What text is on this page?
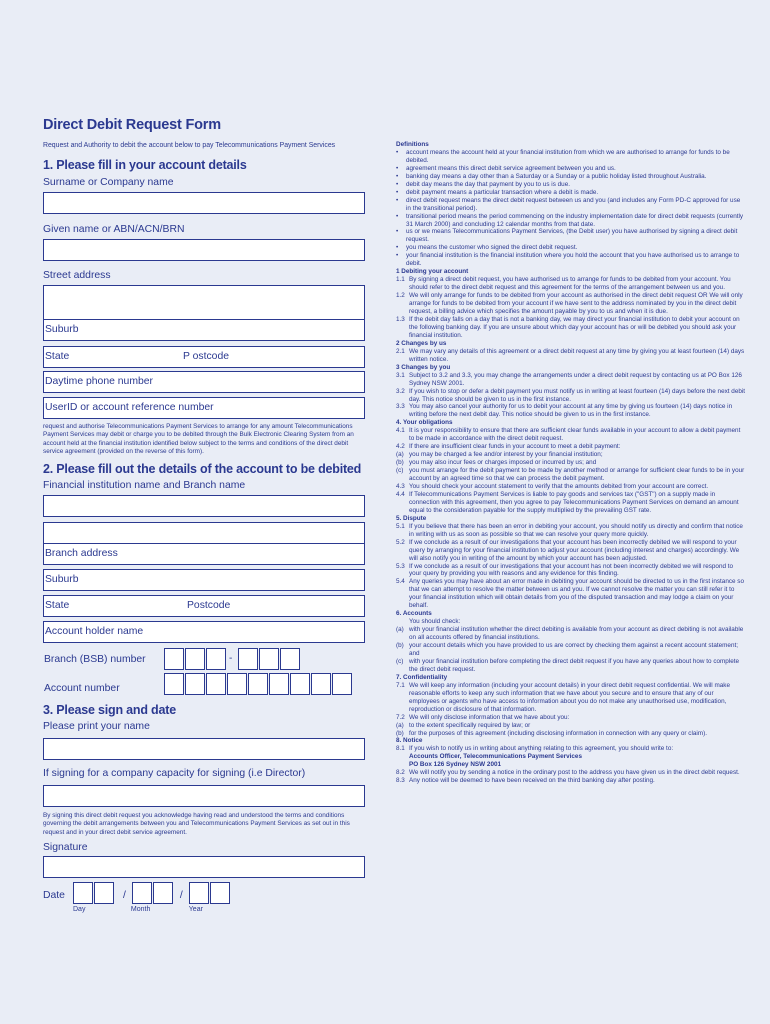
Direct Debit Request Form
Request and Authority to debit the account below to pay Telecommunications Payment Services
1. Please fill in your account details
Surname or Company name
Given name or ABN/ACN/BRN
Street address
Suburb
State	P ostcode
Daytime phone number
UserID or account reference number
request and authorise Telecommunications Payment Services to arrange for any amount Telecommunications Payment Services may debit or charge you to be debited through the Bulk Electronic Clearing System from an account held at the financial institution identified below subject to the terms and conditions of the direct debit service agreement (provided on the reverse of this form).
2. Please fill out the details of the account to be debited
Financial institution name and Branch name
Branch address
Suburb
State	Postcode
Account holder name
Branch (BSB) number	-
Account number
3. Please sign and date
Please print your name
If signing for a company capacity for signing (i.e Director)
By signing this direct debit request you acknowledge having read and understood the terms and conditions governing the debit arrangements between you and Telecommunications Payment Services as set out in this request and in your direct debit service agreement.
Signature
Date
Day
/
Month
/
Year
Definitions
•	account means the account held at your financial institution from which we are authorised to arrange for funds to be debited.
•	agreement means this direct debit service agreement between you and us.
•	banking day means a day other than a Saturday or a Sunday or a public holiday listed throughout Australia.
•	debit day means the day that payment by you to us is due.
•	debit payment means a particular transaction where a debit is made.
•	direct debit request means the direct debit request between us and you (and includes any Form PD-C approved for use in the transitional period).
•	transitional period means the period commencing on the industry implementation date for direct debit requests (currently 31 March 2000) and concluding 12 calendar months from that date.
•	us or we means Telecommunications Payment Services, (the Debit user) you have authorised by signing a direct debit request.
•	you means the customer who signed the direct debit request.
•	your financial institution is the financial institution where you hold the account that you have authorised us to arrange to debit.
1 Debiting your account
1.1 By signing a direct debit request, you have authorised us to arrange for funds to be debited from your account. You should refer to the direct debit request and this agreement for the terms of the arrangement between us and you.
1.2 We will only arrange for funds to be debited from your account as authorised in the direct debit request OR We will only arrange for funds to be debited from your account if we have sent to the address nominated by you in the direct debit request, a billing advice which specifies the amount payable by you to us and when it is due.
1.3 If the debit day falls on a day that is not a banking day, we may direct your financial institution to debit your account on the following banking day. If you are unsure about which day your account has or will be debited you should ask your financial institution.
2 Changes by us
2.1 We may vary any details of this agreement or a direct debit request at any time by giving you at least fourteen (14) days written notice.
3 Changes by you
3.1 Subject to 3.2 and 3.3, you may change the arrangements under a direct debit request by contacting us at PO Box 126 Sydney NSW 2001.
3.2 If you wish to stop or defer a debit payment you must notify us in writing at least fourteen (14) days before the next debit day. This notice should be given to us in the first instance.
3.3 You may also cancel your authority for us to debit your account at any time by giving us fourteen (14) days notice in writing before the next debit day. This notice should be given to us in the first instance.
4. Your obligations
4.1 It is your responsibility to ensure that there are sufficient clear funds available in your account to allow a debit payment to be made in accordance with the direct debit request.
4.2 If there are insufficient clear funds in your account to meet a debit payment:
(a) you may be charged a fee and/or interest by your financial institution;
(b) you may also incur fees or charges imposed or incurred by us; and
(c) you must arrange for the debit payment to be made by another method or arrange for sufficient clear funds to be in your account by an agreed time so that we can process the debit payment.
4.3 You should check your account statement to verify that the amounts debited from your account are correct.
4.4 If Telecommunications Payment Services is liable to pay goods and services tax ("GST") on a supply made in connection with this agreement, then you agree to pay Telecommunications Payment Services on demand an amount equal to the consideration payable for the supply multiplied by the prevailing GST rate.
5. Dispute
5.1 If you believe that there has been an error in debiting your account, you should notify us directly and confirm that notice in writing with us as soon as possible so that we can resolve your query more quickly.
5.2 If we conclude as a result of our investigations that your account has been incorrectly debited we will respond to your query by arranging for your financial institution to adjust your account (including interest and charges) accordingly. We will also notify you in writing of the amount by which your account has been adjusted.
5.3 If we conclude as a result of our investigations that your account has not been incorrectly debited we will respond to your query by providing you with reasons and any evidence for this finding.
5.4 Any queries you may have about an error made in debiting your account should be directed to us in the first instance so that we can attempt to resolve the matter between us and you. If we cannot resolve the matter you can still refer it to your financial institution which will obtain details from you of the disputed transaction and may lodge a claim on your behalf.
6. Accounts
You should check:
(a) with your financial institution whether the direct debiting is available from your account as direct debiting is not available on all accounts offered by financial institutions.
(b) your account details which you have provided to us are correct by checking them against a recent account statement; and
(c) with your financial institution before completing the direct debit request if you have any queries about how to complete the direct debit request.
7. Confidentiality
7.1 We will keep any information (including your account details) in your direct debit request confidential. We will make reasonable efforts to keep any such information that we have about you secure and to ensure that any of our employees or agents who have access to information about you do not make any unauthorised use, modification, reproduction or disclosure of that information.
7.2 We will only disclose information that we have about you:
(a) to the extent specifically required by law; or
(b) for the purposes of this agreement (including disclosing information in connection with any query or claim).
8. Notice
8.1 If you wish to notify us in writing about anything relating to this agreement, you should write to:
Accounts Officer, Telecommunications Payment Services
PO Box 126 Sydney NSW 2001
8.2 We will notify you by sending a notice in the ordinary post to the address you have given us in the direct debit request.
8.3 Any notice will be deemed to have been received on the third banking day after posting.
